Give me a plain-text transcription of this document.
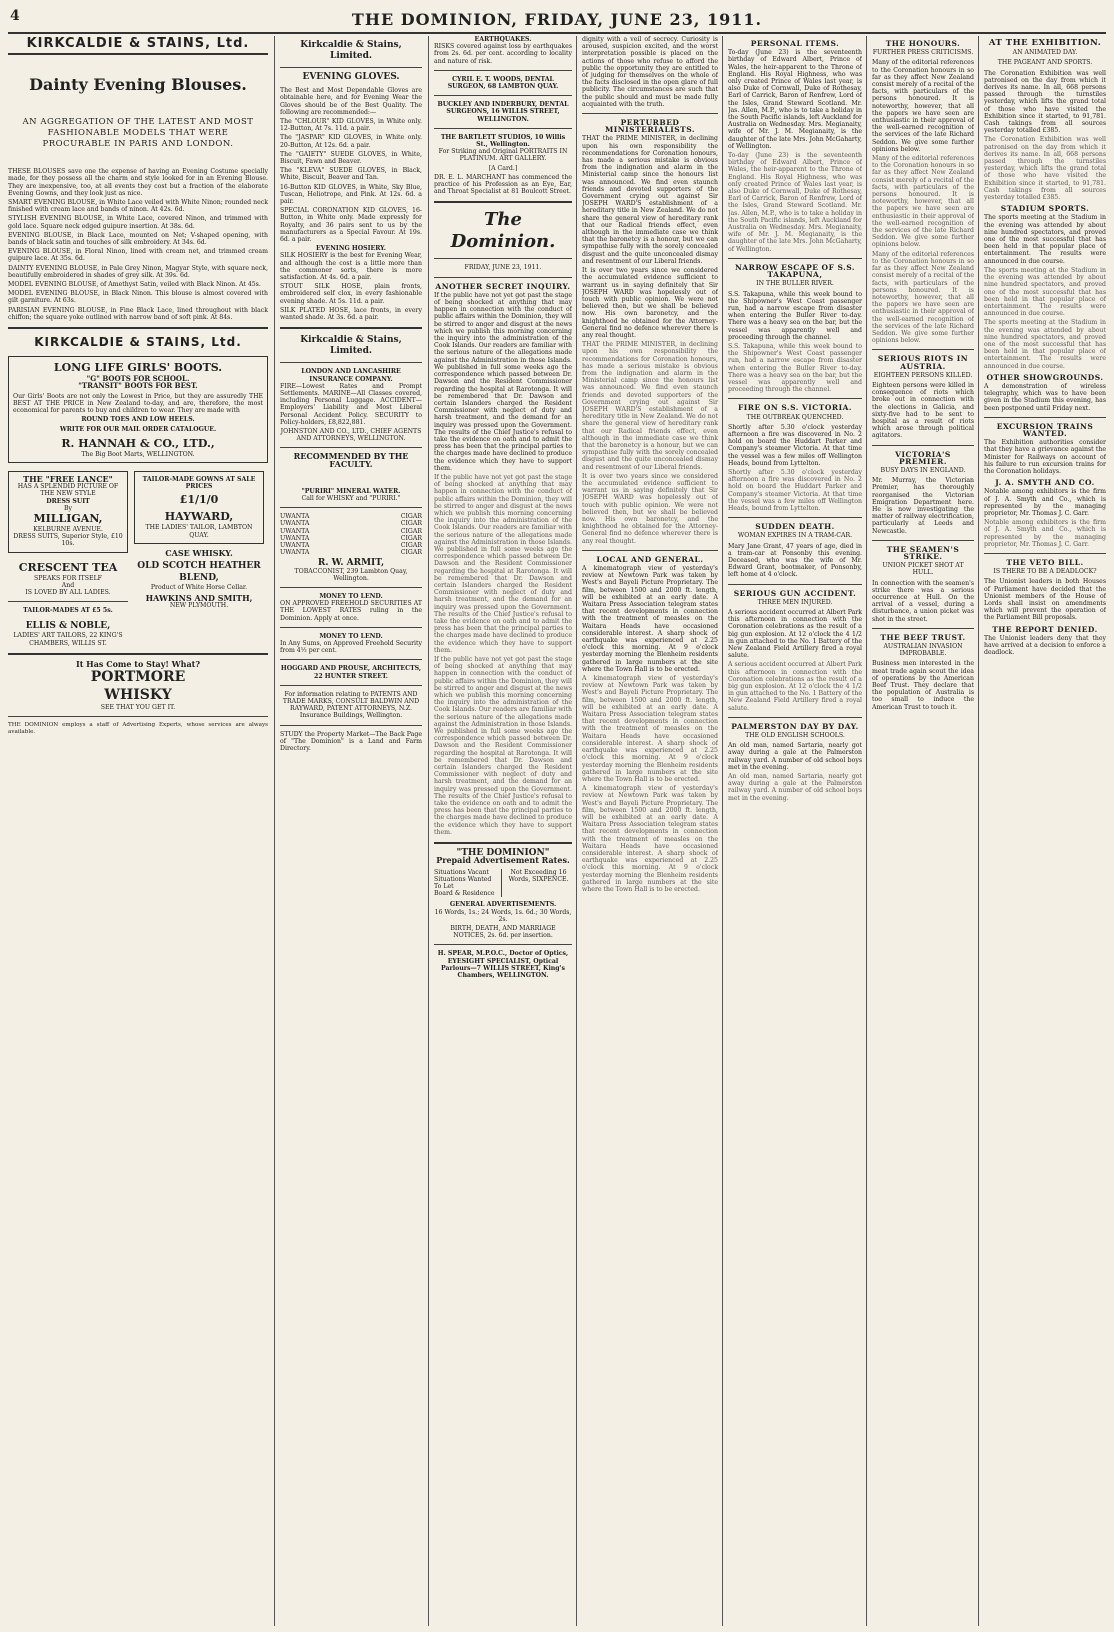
4	THE DOMINION, FRIDAY, JUNE 23, 1911.
KIRKCALDIE & STAINS, Ltd.
Dainty Evening Blouses.
AN AGGREGATION OF THE LATEST AND MOST FASHIONABLE MODELS THAT WERE PROCURABLE IN PARIS AND LONDON.
THESE BLOUSES save one the expense of having an Evening Costume specially made, for they possess all the charm and style looked for in an Evening Blouse. They are inexpensive, too, at all events they cost but a fraction of the elaborate Evening Gowns, and they look just as nice.
SMART EVENING BLOUSE, in White Lace veiled with White Ninon; rounded neck finished with cream lace and bands of ninon. At 42s. 6d.
STYLISH EVENING BLOUSE, in White Lace, covered Ninon, and trimmed with gold lace. Square neck edged guipure insertion. At 38s. 6d.
EVENING BLOUSE, in Black Lace, mounted on Net; V-shaped opening, with bands of black satin and touches of silk embroidery. At 34s. 6d.
EVENING BLOUSE, in Floral Ninon, lined with cream net, and trimmed cream guipure lace. At 35s. 6d.
DAINTY EVENING BLOUSE, in Pale Grey Ninon, Magyar Style, with square neck, beautifully embroidered in shades of grey silk. At 39s. 6d.
MODEL EVENING BLOUSE, of Amethyst Satin, veiled with Black Ninon. At 45s.
MODEL EVENING BLOUSE, in Black Ninon. This blouse is almost covered with gilt garniture. At 63s.
PARISIAN EVENING BLOUSE, in Fine Black Lace, lined throughout with black chiffon; the square yoke outlined with narrow band of soft pink. At 84s.
KIRKCALDIE & STAINS, Ltd.
LONG LIFE GIRLS' BOOTS.
"G" BOOTS FOR SCHOOL.
"TRANSIT" BOOTS FOR BEST.
Our Girls' Boots are not only the Lowest in Price, but they are assuredly THE BEST AT THE PRICE in New Zealand to-day, and are, therefore, the most economical for parents to buy and children to wear. They are made with
ROUND TOES AND LOW HEELS.
WRITE FOR OUR MAIL ORDER CATALOGUE.
R. HANNAH & CO., LTD.,
The Big Boot Marts, WELLINGTON.
THE "FREE LANCE"
HAS A SPLENDID PICTURE OF THE NEW STYLE
DRESS SUIT
By
MILLIGAN,
KELBURNE AVENUE.
DRESS SUITS, Superior Style, £10 10s.
CRESCENT TEA
SPEAKS FOR ITSELF
And
IS LOVED BY ALL LADIES.
TAILOR-MADES AT £5 5s.
ELLIS & NOBLE,
LADIES' ART TAILORS, 22 KING'S CHAMBERS, WILLIS ST.
TAILOR-MADE GOWNS AT SALE PRICES
£1/1/0
HAYWARD,
THE LADIES' TAILOR, LAMBTON QUAY.
CASE WHISKY.
OLD SCOTCH HEATHER BLEND,
Product of White Horse Cellar.
HAWKINS AND SMITH,
NEW PLYMOUTH.
It Has Come to Stay! What?
PORTMORE
WHISKY
SEE THAT YOU GET IT.
THE DOMINION employs a staff of Advertising Experts, whose services are always available.
Kirkcaldie & Stains, Limited.
EVENING GLOVES.
The Best and Most Dependable Gloves are obtainable here, and for Evening Wear the Gloves should be of the Best Quality. The following are recommended:—
The "CHLOUR" KID GLOVES, in White only. 12-Button, At 7s. 11d. a pair.
The "JASPAR" KID GLOVES, in White only. 20-Button, At 12s. 6d. a pair.
The "GAIETY" SUEDE GLOVES, in White, Biscuit, Fawn and Beaver.
The "KLEVA" SUEDE GLOVES, in Black, White, Biscuit, Beaver and Tan.
16-Button KID GLOVES, in White, Sky Blue, Tuscan, Heliotrope, and Pink. At 12s. 6d. a pair.
SPECIAL CORONATION KID GLOVES, 16-Button, in White only. Made expressly for Royalty, and 36 pairs sent to us by the manufacturers as a Special Favour. At 19s. 6d. a pair.
EVENING HOSIERY.
SILK HOSIERY is the best for Evening Wear, and although the cost is a little more than the commoner sorts, there is more satisfaction. At 4s. 6d. a pair.
STOUT SILK HOSE, plain fronts, embroidered self clox, in every fashionable evening shade. At 5s. 11d. a pair.
SILK PLATED HOSE, lace fronts, in every wanted shade. At 3s. 6d. a pair.
Kirkcaldie & Stains, Limited.
LONDON AND LANCASHIRE INSURANCE COMPANY.
FIRE—Lowest Rates and Prompt Settlements. MARINE—All Classes covered, including Personal Luggage. ACCIDENT—Employers' Liability and Most Liberal Personal Accident Policy. SECURITY to Policy-holders, £8,822,881.
JOHNSTON AND CO., LTD., CHIEF AGENTS AND ATTORNEYS, WELLINGTON.
RECOMMENDED BY THE FACULTY.
"PURIRI" MINERAL WATER.
Call for WHISKY and "PURIRI."
UWANTA	CIGAR
UWANTA	CIGAR
UWANTA	CIGAR
UWANTA	CIGAR
UWANTA	CIGAR
UWANTA	CIGAR
R. W. ARMIT,
TOBACCONIST, 239 Lambton Quay, Wellington.
MONEY TO LEND.
ON APPROVED FREEHOLD SECURITIES AT THE LOWEST RATES ruling in the Dominion. Apply at once.
MONEY TO LEND.
In Any Sums, on Approved Freehold Security from 4½ per cent.
HOGGARD AND PROUSE, ARCHITECTS, 22 HUNTER STREET.
For information relating to PATENTS AND TRADE MARKS, CONSULT BALDWIN AND RAYWARD, PATENT ATTORNEYS, N.Z. Insurance Buildings, Wellington.
STUDY the Property Market—The Back Page of "The Dominion" is a Land and Farm Directory.
EARTHQUAKES.
RISKS covered against loss by earthquakes from 2s. 6d. per cent. according to locality and nature of risk.
CYRIL E. T. WOODS, DENTAL SURGEON, 68 LAMBTON QUAY.
BUCKLEY AND INDERBURY, DENTAL SURGEONS, 16 WILLIS STREET, WELLINGTON.
THE BARTLETT STUDIOS, 10 Willis St., Wellington.
For Striking and Original PORTRAITS IN PLATINUM. ART GALLERY.
[A Card.]
DR. E. L. MARCHANT has commenced the practice of his Profession as an Eye, Ear, and Throat Specialist at 81 Boulcott Street.
The Dominion.
FRIDAY, JUNE 23, 1911.
ANOTHER SECRET INQUIRY.
If the public have not yet got past the stage of being shocked at anything that may happen in connection with the conduct of public affairs within the Dominion, they will be stirred to anger and disgust at the news which we publish this morning concerning the inquiry into the administration of the Cook Islands. Our readers are familiar with the serious nature of the allegations made against the Administration in those Islands. We published in full some weeks ago the correspondence which passed between Dr. Dawson and the Resident Commissioner regarding the hospital at Rarotonga. It will be remembered that Dr. Dawson and certain Islanders charged the Resident Commissioner with neglect of duty and harsh treatment, and the demand for an inquiry was pressed upon the Government. The results of the Chief Justice's refusal to take the evidence on oath and to admit the press has been that the principal parties to the charges made have declined to produce the evidence which they have to support them.
If the public have not yet got past the stage of being shocked at anything that may happen in connection with the conduct of public affairs within the Dominion, they will be stirred to anger and disgust at the news which we publish this morning concerning the inquiry into the administration of the Cook Islands. Our readers are familiar with the serious nature of the allegations made against the Administration in those Islands. We published in full some weeks ago the correspondence which passed between Dr. Dawson and the Resident Commissioner regarding the hospital at Rarotonga. It will be remembered that Dr. Dawson and certain Islanders charged the Resident Commissioner with neglect of duty and harsh treatment, and the demand for an inquiry was pressed upon the Government. The results of the Chief Justice's refusal to take the evidence on oath and to admit the press has been that the principal parties to the charges made have declined to produce the evidence which they have to support them.
If the public have not yet got past the stage of being shocked at anything that may happen in connection with the conduct of public affairs within the Dominion, they will be stirred to anger and disgust at the news which we publish this morning concerning the inquiry into the administration of the Cook Islands. Our readers are familiar with the serious nature of the allegations made against the Administration in those Islands. We published in full some weeks ago the correspondence which passed between Dr. Dawson and the Resident Commissioner regarding the hospital at Rarotonga. It will be remembered that Dr. Dawson and certain Islanders charged the Resident Commissioner with neglect of duty and harsh treatment, and the demand for an inquiry was pressed upon the Government. The results of the Chief Justice's refusal to take the evidence on oath and to admit the press has been that the principal parties to the charges made have declined to produce the evidence which they have to support them.
"THE DOMINION"
Prepaid Advertisement Rates.
Situations Vacant
Situations Wanted
To Let
Board & Residence
Not Exceeding 16 Words, SIXPENCE.
GENERAL ADVERTISEMENTS.
16 Words, 1s.; 24 Words, 1s. 6d.; 30 Words, 2s.
BIRTH, DEATH, AND MARRIAGE NOTICES, 2s. 6d. per insertion.
H. SPEAR, M.P.O.C., Doctor of Optics, EYESIGHT SPECIALIST, Optical Parlours—7 WILLIS STREET, King's Chambers, WELLINGTON.
dignity with a veil of secrecy. Curiosity is aroused, suspicion excited, and the worst interpretation possible is placed on the actions of those who refuse to afford the public the opportunity they are entitled to of judging for themselves on the whole of the facts disclosed in the open glare of full publicity. The circumstances are such that the public should and must be made fully acquainted with the truth.
PERTURBED MINISTERIALISTS.
THAT the PRIME MINISTER, in declining upon his own responsibility the recommendations for Coronation honours, has made a serious mistake is obvious from the indignation and alarm in the Ministerial camp since the honours list was announced. We find even staunch friends and devoted supporters of the Government crying out against Sir JOSEPH WARD'S establishment of a hereditary title in New Zealand. We do not share the general view of hereditary rank that our Radical friends effect, even although in the immediate case we think that the baronetcy is a honour, but we can sympathise fully with the sorely concealed disgust and the quite unconcealed dismay and resentment of our Liberal friends.
It is over two years since we considered the accumulated evidence sufficient to warrant us in saying definitely that Sir JOSEPH WARD was hopelessly out of touch with public opinion. We were not believed then, but we shall be believed now. His own baronetcy, and the knighthood he obtained for the Attorney-General find no defence wherever there is any real thought.
THAT the PRIME MINISTER, in declining upon his own responsibility the recommendations for Coronation honours, has made a serious mistake is obvious from the indignation and alarm in the Ministerial camp since the honours list was announced. We find even staunch friends and devoted supporters of the Government crying out against Sir JOSEPH WARD'S establishment of a hereditary title in New Zealand. We do not share the general view of hereditary rank that our Radical friends effect, even although in the immediate case we think that the baronetcy is a honour, but we can sympathise fully with the sorely concealed disgust and the quite unconcealed dismay and resentment of our Liberal friends.
It is over two years since we considered the accumulated evidence sufficient to warrant us in saying definitely that Sir JOSEPH WARD was hopelessly out of touch with public opinion. We were not believed then, but we shall be believed now. His own baronetcy, and the knighthood he obtained for the Attorney-General find no defence wherever there is any real thought.
LOCAL AND GENERAL.
A kinematograph view of yesterday's review at Newtown Park was taken by West's and Bayeli Picture Proprietary. The film, between 1500 and 2000 ft. length, will be exhibited at an early date. A Waitara Press Association telegram states that recent developments in connection with the treatment of measles on the Waitara Heads have occasioned considerable interest. A sharp shock of earthquake was experienced at 2.25 o'clock this morning. At 9 o'clock yesterday morning the Blenheim residents gathered in large numbers at the site where the Town Hall is to be erected.
A kinematograph view of yesterday's review at Newtown Park was taken by West's and Bayeli Picture Proprietary. The film, between 1500 and 2000 ft. length, will be exhibited at an early date. A Waitara Press Association telegram states that recent developments in connection with the treatment of measles on the Waitara Heads have occasioned considerable interest. A sharp shock of earthquake was experienced at 2.25 o'clock this morning. At 9 o'clock yesterday morning the Blenheim residents gathered in large numbers at the site where the Town Hall is to be erected.
A kinematograph view of yesterday's review at Newtown Park was taken by West's and Bayeli Picture Proprietary. The film, between 1500 and 2000 ft. length, will be exhibited at an early date. A Waitara Press Association telegram states that recent developments in connection with the treatment of measles on the Waitara Heads have occasioned considerable interest. A sharp shock of earthquake was experienced at 2.25 o'clock this morning. At 9 o'clock yesterday morning the Blenheim residents gathered in large numbers at the site where the Town Hall is to be erected.
PERSONAL ITEMS.
To-day (June 23) is the seventeenth birthday of Edward Albert, Prince of Wales, the heir-apparent to the Throne of England. His Royal Highness, who was only created Prince of Wales last year, is also Duke of Cornwall, Duke of Rothesay, Earl of Carrick, Baron of Renfrew, Lord of the Isles, Grand Steward Scotland. Mr. Jas. Allen, M.P., who is to take a holiday in the South Pacific islands, left Auckland for Australia on Wednesday. Mrs. Megianaity, wife of Mr. J. M. Megianaity, is the daughter of the late Mrs. John McGaharty, of Wellington.
To-day (June 23) is the seventeenth birthday of Edward Albert, Prince of Wales, the heir-apparent to the Throne of England. His Royal Highness, who was only created Prince of Wales last year, is also Duke of Cornwall, Duke of Rothesay, Earl of Carrick, Baron of Renfrew, Lord of the Isles, Grand Steward Scotland. Mr. Jas. Allen, M.P., who is to take a holiday in the South Pacific islands, left Auckland for Australia on Wednesday. Mrs. Megianaity, wife of Mr. J. M. Megianaity, is the daughter of the late Mrs. John McGaharty, of Wellington.
NARROW ESCAPE OF S.S. TAKAPUNA,
IN THE BULLER RIVER.
S.S. Takapuna, while this week bound to the Shipowner's West Coast passenger run, had a narrow escape from disaster when entering the Buller River to-day. There was a heavy sea on the bar, but the vessel was apparently well and proceeding through the channel.
S.S. Takapuna, while this week bound to the Shipowner's West Coast passenger run, had a narrow escape from disaster when entering the Buller River to-day. There was a heavy sea on the bar, but the vessel was apparently well and proceeding through the channel.
FIRE ON S.S. VICTORIA.
THE OUTBREAK QUENCHED.
Shortly after 5.30 o'clock yesterday afternoon a fire was discovered in No. 2 hold on board the Huddart Parker and Company's steamer Victoria. At that time the vessel was a few miles off Wellington Heads, bound from Lyttelton.
Shortly after 5.30 o'clock yesterday afternoon a fire was discovered in No. 2 hold on board the Huddart Parker and Company's steamer Victoria. At that time the vessel was a few miles off Wellington Heads, bound from Lyttelton.
SUDDEN DEATH.
WOMAN EXPIRES IN A TRAM-CAR.
Mary Jane Grant, 47 years of age, died in a tram-car at Ponsonby this evening. Deceased, who was the wife of Mr. Edward Grant, bootmaker, of Ponsonby, left home at 4 o'clock.
SERIOUS GUN ACCIDENT.
THREE MEN INJURED.
A serious accident occurred at Albert Park this afternoon in connection with the Coronation celebrations as the result of a big gun explosion. At 12 o'clock the 4 1/2 in gun attached to the No. 1 Battery of the New Zealand Field Artillery fired a royal salute.
A serious accident occurred at Albert Park this afternoon in connection with the Coronation celebrations as the result of a big gun explosion. At 12 o'clock the 4 1/2 in gun attached to the No. 1 Battery of the New Zealand Field Artillery fired a royal salute.
PALMERSTON DAY BY DAY.
THE OLD ENGLISH SCHOOLS.
An old man, named Sartaria, nearly got away during a gale at the Palmerston railway yard. A number of old school boys met in the evening.
An old man, named Sartaria, nearly got away during a gale at the Palmerston railway yard. A number of old school boys met in the evening.
THE HONOURS.
FURTHER PRESS CRITICISMS.
Many of the editorial references to the Coronation honours in so far as they affect New Zealand consist merely of a recital of the facts, with particulars of the persons honoured. It is noteworthy, however, that all the papers we have seen are enthusiastic in their approval of the well-earned recognition of the services of the late Richard Seddon. We give some further opinions below.
Many of the editorial references to the Coronation honours in so far as they affect New Zealand consist merely of a recital of the facts, with particulars of the persons honoured. It is noteworthy, however, that all the papers we have seen are enthusiastic in their approval of the well-earned recognition of the services of the late Richard Seddon. We give some further opinions below.
Many of the editorial references to the Coronation honours in so far as they affect New Zealand consist merely of a recital of the facts, with particulars of the persons honoured. It is noteworthy, however, that all the papers we have seen are enthusiastic in their approval of the well-earned recognition of the services of the late Richard Seddon. We give some further opinions below.
SERIOUS RIOTS IN AUSTRIA.
EIGHTEEN PERSONS KILLED.
Eighteen persons were killed in consequence of riots which broke out in connection with the elections in Galicia, and sixty-five had to be sent to hospital as a result of riots which arose through political agitators.
VICTORIA'S PREMIER.
BUSY DAYS IN ENGLAND.
Mr. Murray, the Victorian Premier, has thoroughly reorganised the Victorian Emigration Department here. He is now investigating the matter of railway electrification, particularly at Leeds and Newcastle.
THE SEAMEN'S STRIKE.
UNION PICKET SHOT AT HULL.
In connection with the seamen's strike there was a serious occurrence at Hull. On the arrival of a vessel, during a disturbance, a union picket was shot in the street.
THE BEEF TRUST.
AUSTRALIAN INVASION IMPROBABLE.
Business men interested in the meat trade again scout the idea of operations by the American Beef Trust. They declare that the population of Australia is too small to induce the American Trust to touch it.
AT THE EXHIBITION.
AN ANIMATED DAY.
THE PAGEANT AND SPORTS.
The Coronation Exhibition was well patronised on the day from which it derives its name. In all, 668 persons passed through the turnstiles yesterday, which lifts the grand total of those who have visited the Exhibition since it started, to 91,781. Cash takings from all sources yesterday totalled £385.
The Coronation Exhibition was well patronised on the day from which it derives its name. In all, 668 persons passed through the turnstiles yesterday, which lifts the grand total of those who have visited the Exhibition since it started, to 91,781. Cash takings from all sources yesterday totalled £385.
STADIUM SPORTS.
The sports meeting at the Stadium in the evening was attended by about nine hundred spectators, and proved one of the most successful that has been held in that popular place of entertainment. The results were announced in due course.
The sports meeting at the Stadium in the evening was attended by about nine hundred spectators, and proved one of the most successful that has been held in that popular place of entertainment. The results were announced in due course.
The sports meeting at the Stadium in the evening was attended by about nine hundred spectators, and proved one of the most successful that has been held in that popular place of entertainment. The results were announced in due course.
OTHER SHOWGROUNDS.
A demonstration of wireless telegraphy, which was to have been given in the Stadium this evening, has been postponed until Friday next.
EXCURSION TRAINS WANTED.
The Exhibition authorities consider that they have a grievance against the Minister for Railways on account of his failure to run excursion trains for the Coronation holidays.
J. A. SMYTH AND CO.
Notable among exhibitors is the firm of J. A. Smyth and Co., which is represented by the managing proprietor, Mr. Thomas J. C. Garr.
Notable among exhibitors is the firm of J. A. Smyth and Co., which is represented by the managing proprietor, Mr. Thomas J. C. Garr.
THE VETO BILL.
IS THERE TO BE A DEADLOCK?
The Unionist leaders in both Houses of Parliament have decided that the Unionist members of the House of Lords shall insist on amendments which will prevent the operation of the Parliament Bill proposals.
THE REPORT DENIED.
The Unionist leaders deny that they have arrived at a decision to enforce a deadlock.
